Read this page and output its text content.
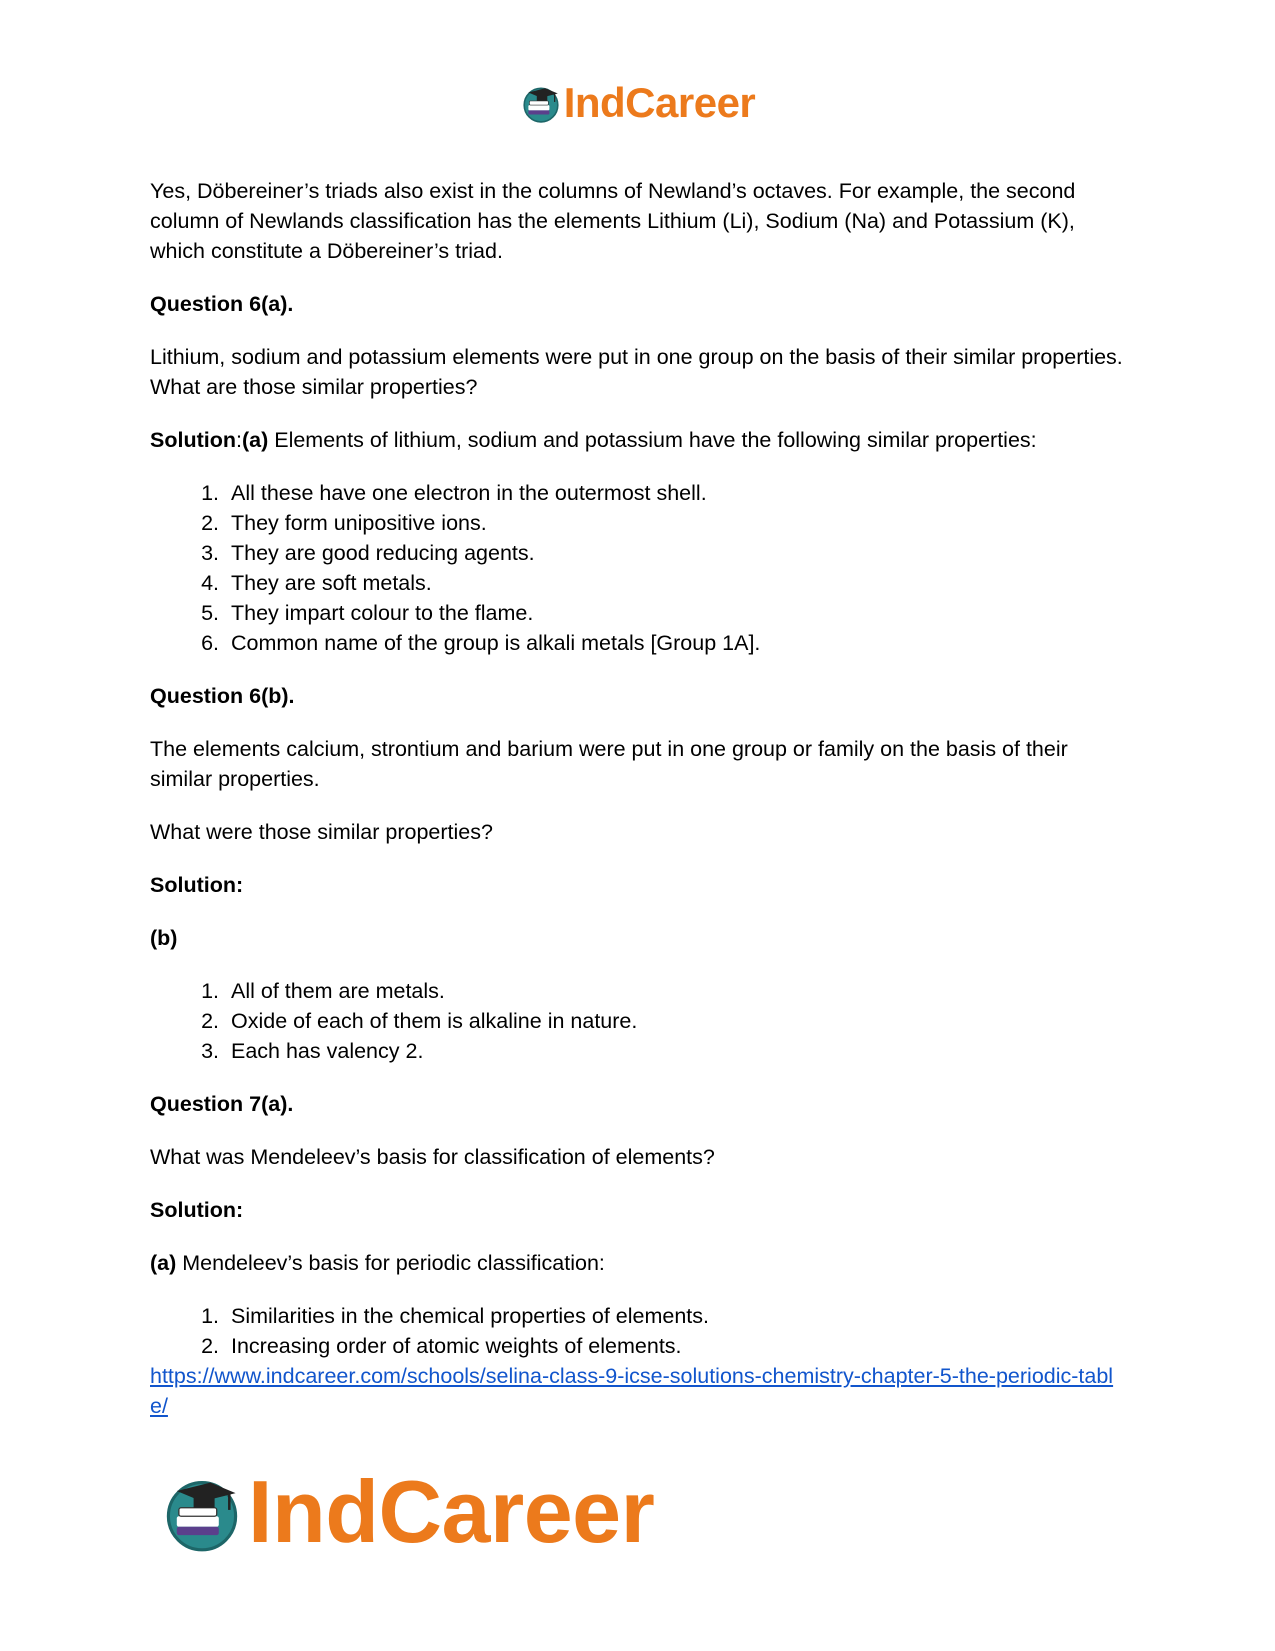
IndCareer

Yes, Döbereiner’s triads also exist in the columns of Newland’s octaves. For example, the second column of Newlands classification has the elements Lithium (Li), Sodium (Na) and Potassium (K), which constitute a Döbereiner’s triad.

Question 6(a).

Lithium, sodium and potassium elements were put in one group on the basis of their similar properties. What are those similar properties?

Solution:(a) Elements of lithium, sodium and potassium have the following similar properties:

1. All these have one electron in the outermost shell.
2. They form unipositive ions.
3. They are good reducing agents.
4. They are soft metals.
5. They impart colour to the flame.
6. Common name of the group is alkali metals [Group 1A].

Question 6(b).

The elements calcium, strontium and barium were put in one group or family on the basis of their similar properties.

What were those similar properties?

Solution:

(b)

1. All of them are metals.
2. Oxide of each of them is alkaline in nature.
3. Each has valency 2.

Question 7(a).

What was Mendeleev’s basis for classification of elements?

Solution:

(a) Mendeleev’s basis for periodic classification:

1. Similarities in the chemical properties of elements.
2. Increasing order of atomic weights of elements.
https://www.indcareer.com/schools/selina-class-9-icse-solutions-chemistry-chapter-5-the-periodic-table/
IndCareer
